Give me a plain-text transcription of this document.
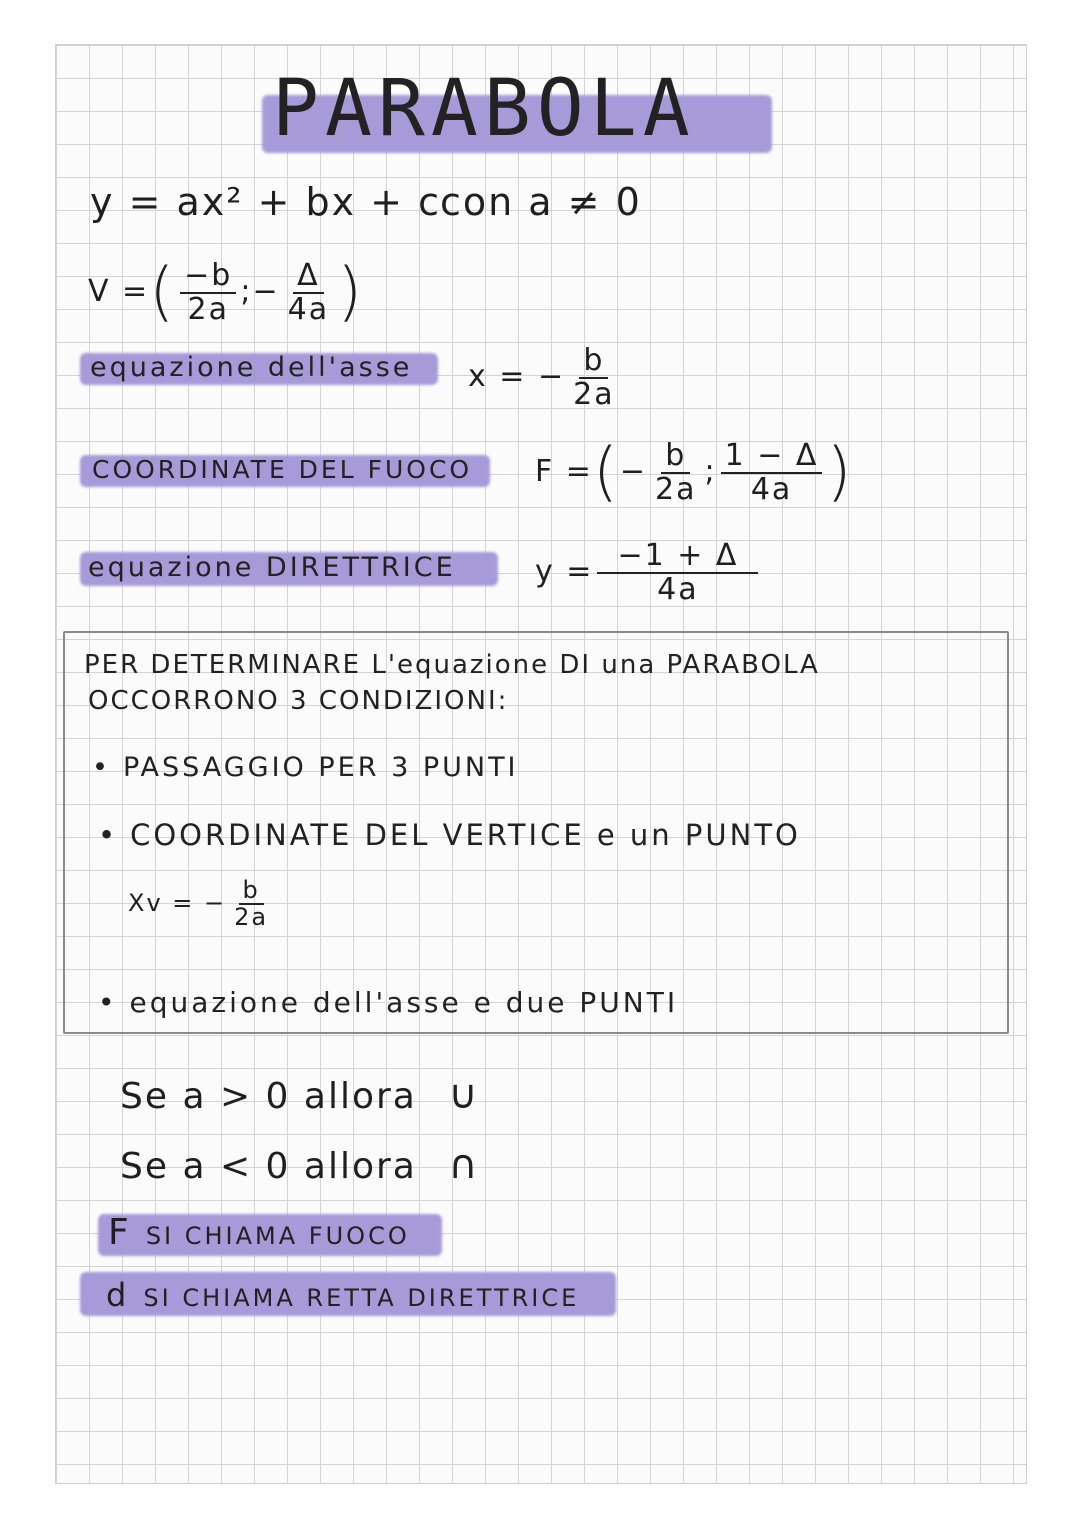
PARABOLA
y = ax² + bx + c con a ≠ 0
V =( $\frac{-b}{2a}$ ;− $\frac{\Delta}{4a}$ )
equazione dell'asse x = − $\frac{b}{2a}$
COORDINATE DEL FUOCO F =(− $\frac{b}{2a}$ ; $\frac{1 - \Delta}{4a}$ )
equazione DIRETTRICE	$y = \frac{-1 + \Delta}{4a}$
PER DETERMINARE L'equazione DI una PARABOLA
OCCORRONO 3 CONDIZIONI:
• PASSAGGIO PER 3 PUNTI
• COORDINATE DEL VERTICE e un PUNTO
Xv = − $\frac{b}{2a}$
• equazione dell'asse e due PUNTI
Se a > 0 allora ∪
Se a < 0 allora ∩
F SI CHIAMA FUOCO
d SI CHIAMA RETTA DIRETTRICE
